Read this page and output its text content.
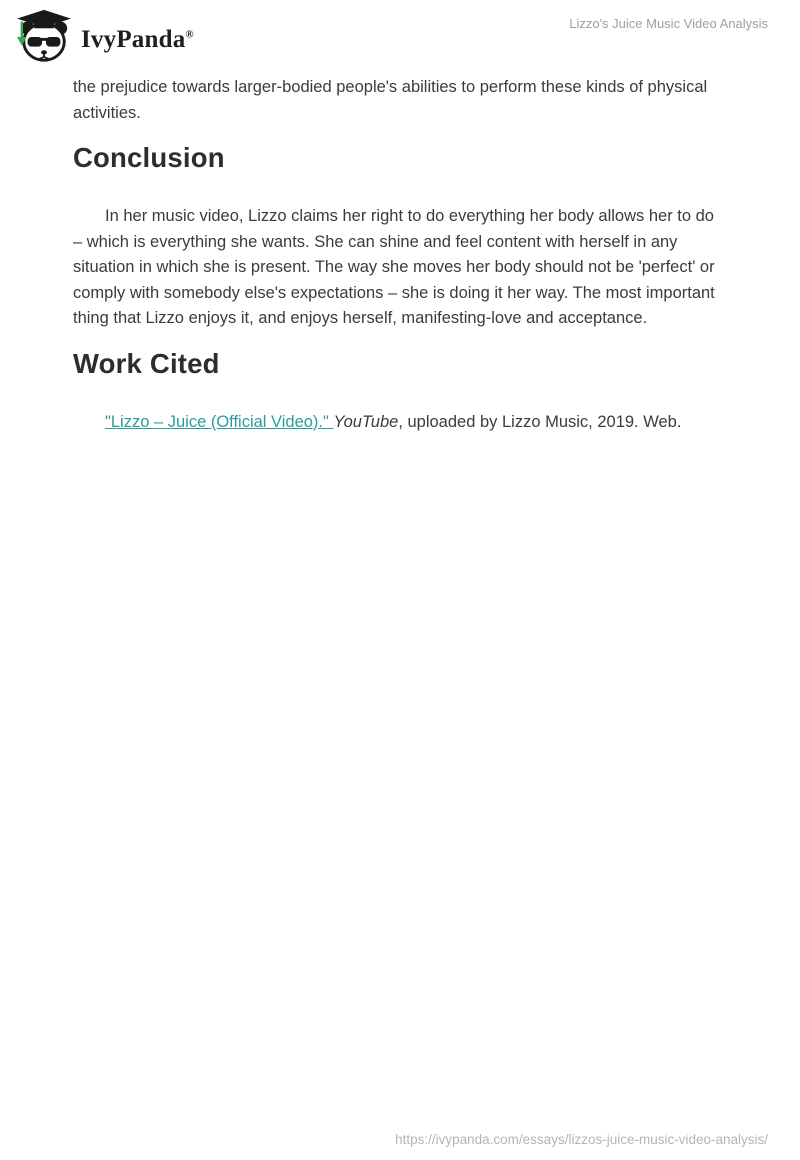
IvyPanda®
Lizzo's Juice Music Video Analysis

the prejudice towards larger-bodied people's abilities to perform these kinds of physical activities.

Conclusion

In her music video, Lizzo claims her right to do everything her body allows her to do – which is everything she wants. She can shine and feel content with herself in any situation in which she is present. The way she moves her body should not be 'perfect' or comply with somebody else's expectations – she is doing it her way. The most important thing that Lizzo enjoys it, and enjoys herself, manifesting-love and acceptance.

Work Cited

"Lizzo – Juice (Official Video)." YouTube, uploaded by Lizzo Music, 2019. Web.

https://ivypanda.com/essays/lizzos-juice-music-video-analysis/
